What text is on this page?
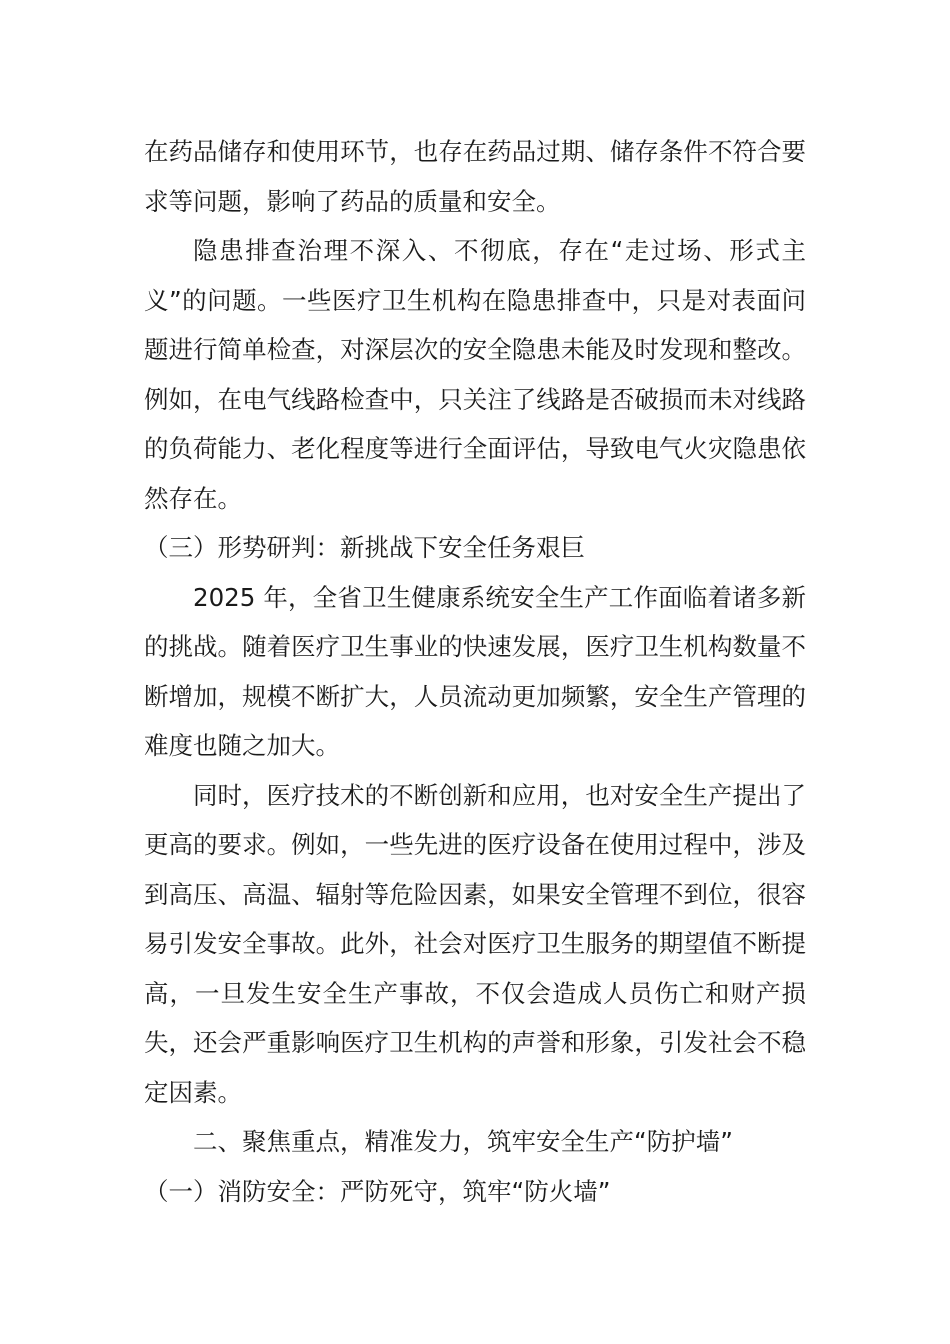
在药品储存和使用环节，也存在药品过期、储存条件不符合要求等问题，影响了药品的质量和安全。

隐患排查治理不深入、不彻底，存在“走过场、形式主义”的问题。一些医疗卫生机构在隐患排查中，只是对表面问题进行简单检查，对深层次的安全隐患未能及时发现和整改。例如，在电气线路检查中，只关注了线路是否破损而未对线路的负荷能力、老化程度等进行全面评估，导致电气火灾隐患依然存在。

（三）形势研判：新挑战下安全任务艰巨

2025 年，全省卫生健康系统安全生产工作面临着诸多新的挑战。随着医疗卫生事业的快速发展，医疗卫生机构数量不断增加，规模不断扩大，人员流动更加频繁，安全生产管理的难度也随之加大。

同时，医疗技术的不断创新和应用，也对安全生产提出了更高的要求。例如，一些先进的医疗设备在使用过程中，涉及到高压、高温、辐射等危险因素，如果安全管理不到位，很容易引发安全事故。此外，社会对医疗卫生服务的期望值不断提高，一旦发生安全生产事故，不仅会造成人员伤亡和财产损失，还会严重影响医疗卫生机构的声誉和形象，引发社会不稳定因素。

二、聚焦重点，精准发力，筑牢安全生产“防护墙”

（一）消防安全：严防死守，筑牢“防火墙”
